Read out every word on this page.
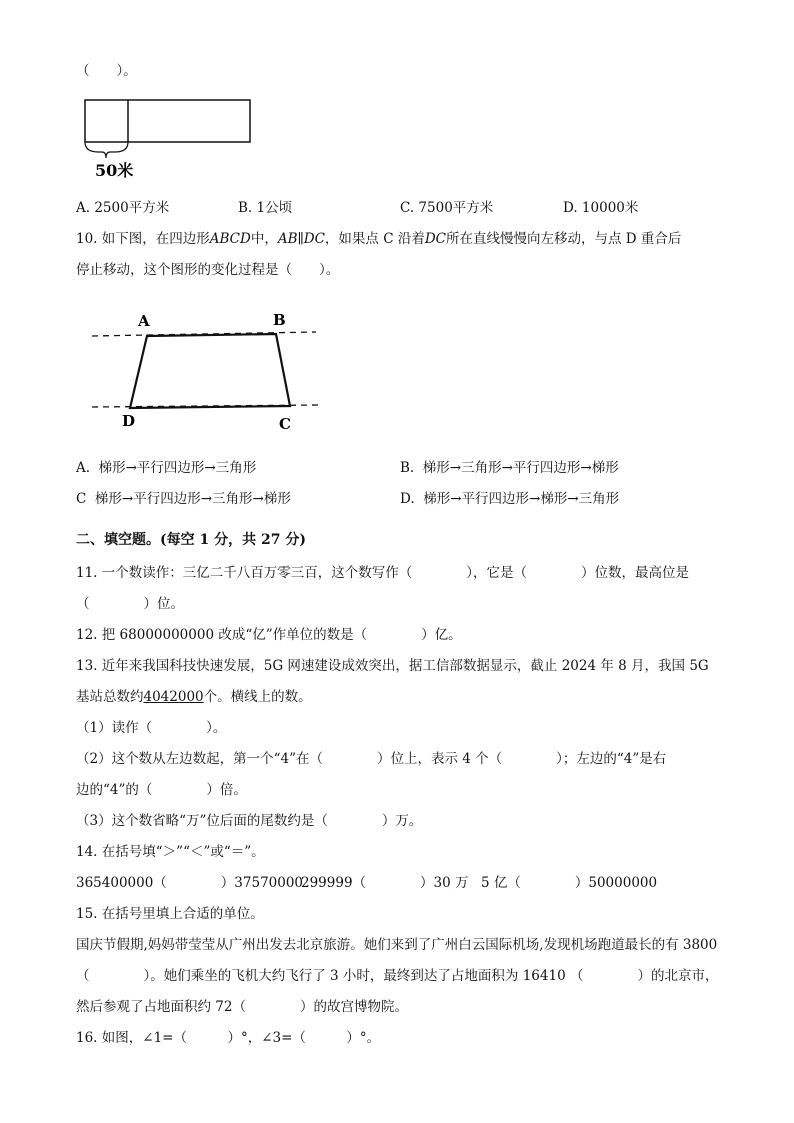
（　　）。
50米
A. 2500平方米	B. 1公顷	C. 7500平方米	D. 10000米
10. 如下图，在四边形ABCD中，AB∥DC，如果点 C 沿着DC所在直线慢慢向左移动，与点 D 重合后
停止移动，这个图形的变化过程是（　　）。
A	B
D	C
A.  梯形→平行四边形→三角形	B.  梯形→三角形→平行四边形→梯形
C  梯形→平行四边形→三角形→梯形	D.  梯形→平行四边形→梯形→三角形
二、填空题。(每空 1 分，共 27 分)
11. 一个数读作：三亿二千八百万零三百，这个数写作（　　　　），它是（　　　　）位数，最高位是
（　　　　）位。
12. 把 68000000000 改成“亿”作单位的数是（　　　　）亿。
13. 近年来我国科技快速发展，5G 网速建设成效突出，据工信部数据显示，截止 2024 年 8 月，我国 5G
基站总数约4042000个。横线上的数。
（1）读作（　　　　）。
（2）这个数从左边数起，第一个“4”在（　　　　）位上，表示 4 个（　　　　）；左边的“4”是右
边的“4”的（　　　　）倍。
（3）这个数省略“万”位后面的尾数约是（　　　　）万。
14. 在括号填“＞”“＜”或“＝”。
365400000（　　　　）37570000
299999（　　　　）30 万 5 亿（　　　　）50000000
15. 在括号里填上合适的单位。
国庆节假期,妈妈带莹莹从广州出发去北京旅游。她们来到了广州白云国际机场,发现机场跑道最长的有 3800
（　　　　）。她们乘坐的飞机大约飞行了 3 小时，最终到达了占地面积为 16410 （　　　　）的北京市，
然后参观了占地面积约 72（　　　　）的故宫博物院。
16. 如图，∠1=（　　　）°，∠3=（　　　）°。
